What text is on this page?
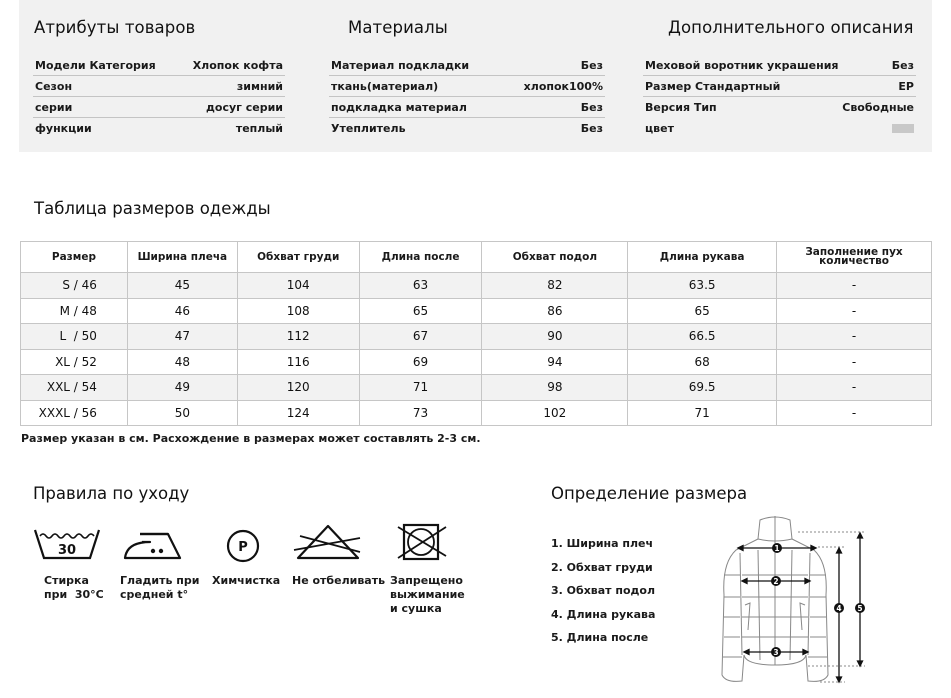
Атрибуты товаров
Модели Категория	Хлопок кофта
Сезон	зимний
серии	досуг серии
функции	теплый
Материалы
Материал подкладки	Без
ткань(материал)	хлопок100%
подкладка материал	Без
Утеплитель	Без
Дополнительного описания
Меховой воротник украшения	Без
Размер Стандартный	EP
Версия Тип	Свободные
цвет
Таблица размеров одежды
Размер	Ширина плеча	Обхват груди	Длина после	Обхват подол	Длина рукава	Заполнение пух количество
S / 46	45	104	63	82	63.5	-
M / 48	46	108	65	86	65	-
L  / 50	47	112	67	90	66.5	-
XL / 52	48	116	69	94	68	-
XXL / 54	49	120	71	98	69.5	-
XXXL / 56	50	124	73	102	71	-
Размер указан в см. Расхождение в размерах может составлять 2-3 см.
Правила по уходу
30
Стирка
при  30°C
Гладить при
средней t°
P
Химчистка Не отбеливать Запрещено
выжимание
и сушка
Определение размера
1. Ширина плеч
2. Обхват груди
3. Обхват подол
4. Длина рукава
5. Длина после
1
2
3
4 5
